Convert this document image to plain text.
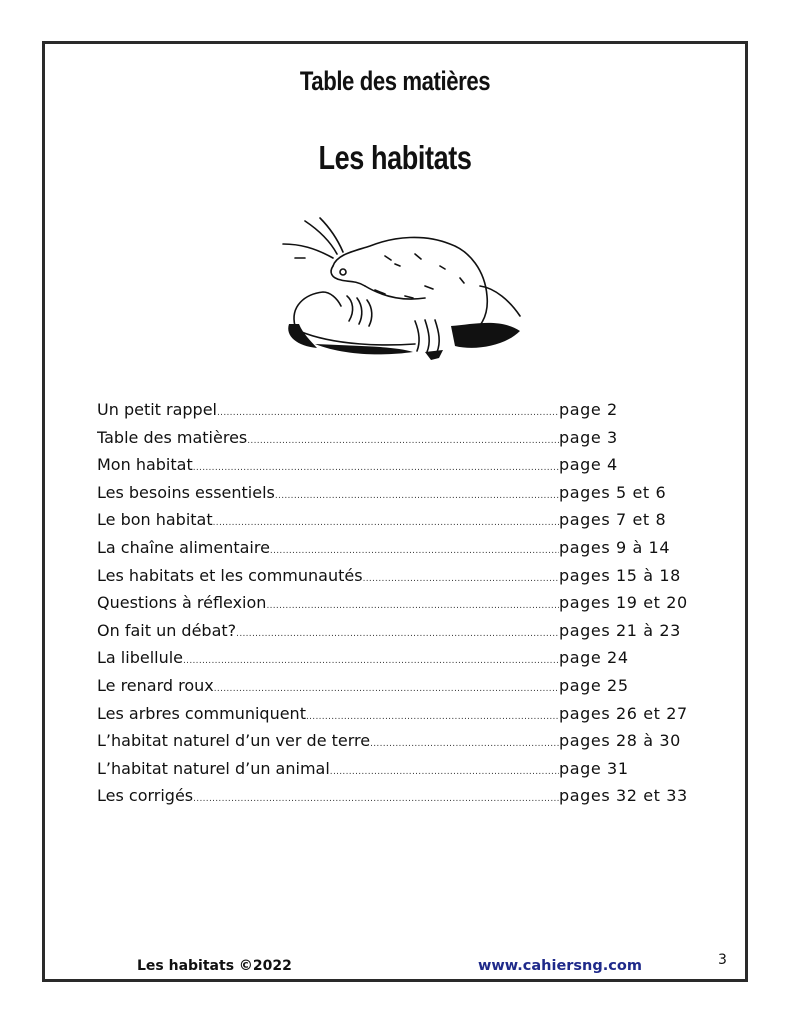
Table des matières
Les habitats
Un petit rappel .....	page 2
Table des matières .....	page 3
Mon habitat .....	page 4
Les besoins essentiels .....	pages 5 et 6
Le bon habitat .....	pages 7 et 8
La chaîne alimentaire .....	pages 9 à 14
Les habitats et les communautés .....	pages 15 à 18
Questions à réflexion .....	pages 19 et 20
On fait un débat? .....	pages 21 à 23
La libellule .....	page 24
Le renard roux .....	page 25
Les arbres communiquent .....	pages 26 et 27
L’habitat naturel d’un ver de terre .....	pages 28 à 30
L’habitat naturel d’un animal .....	page 31
Les corrigés .....	pages 32 et 33
Les habitats ©2022	www.cahiersng.com	3
